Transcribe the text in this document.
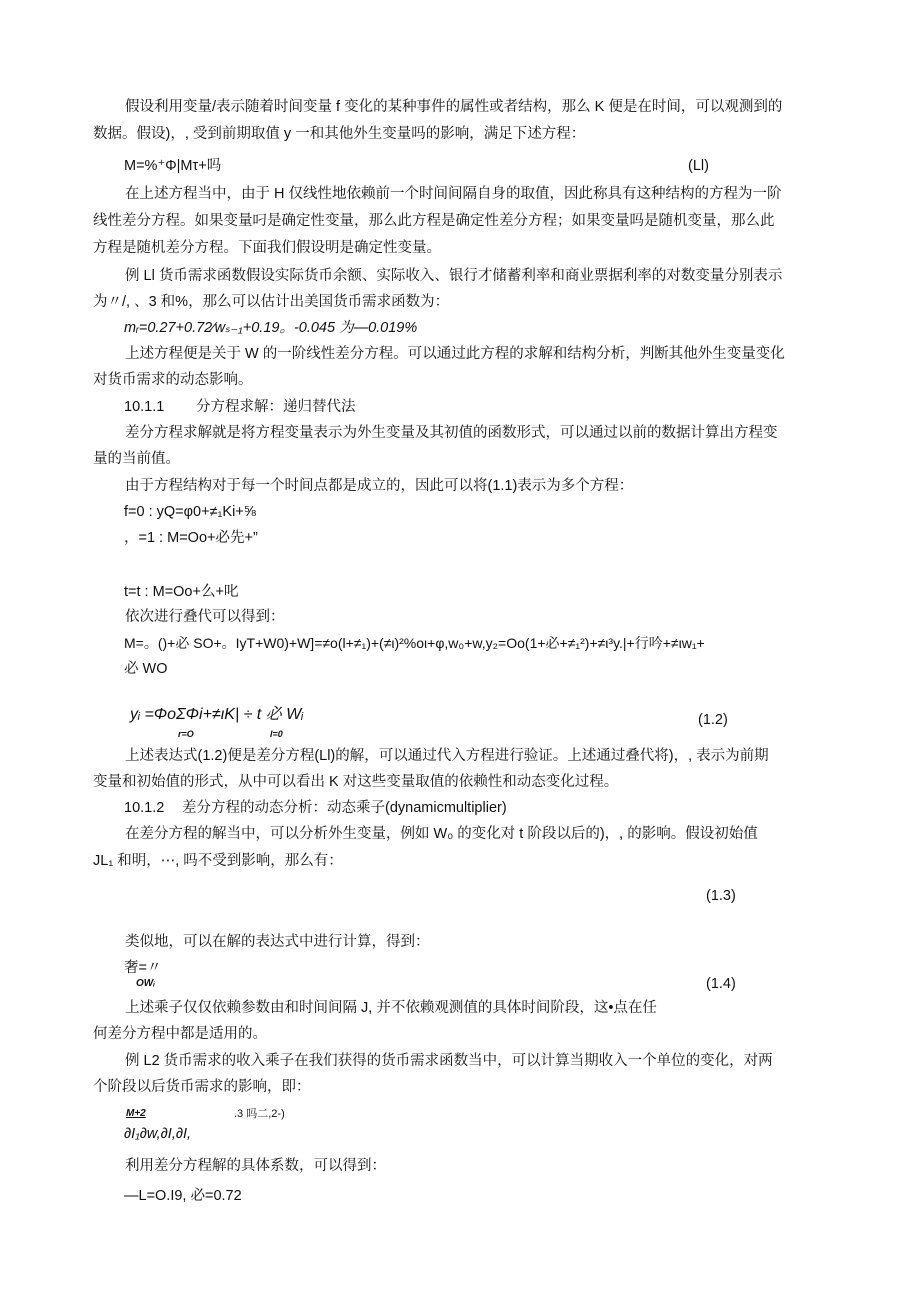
假设利用变量/表示随着时间变量 f 变化的某种事件的属性或者结构，那么 K 便是在时间，可以观测到的
数据。假设)，, 受到前期取值 y 一和其他外生变量吗的影响，满足下述方程：
M=%⁺Φ|Mτ+吗	(Ll)
在上述方程当中，由于 H 仅线性地依赖前一个时间间隔自身的取值，因此称具有这种结构的方程为一阶
线性差分方程。如果变量叼是确定性变量，那么此方程是确定性差分方程；如果变量吗是随机变量，那么此
方程是随机差分方程。下面我们假设明是确定性变量。
例 Ll 货币需求函数假设实际货币余额、实际收入、银行才储蓄利率和商业票据利率的对数变量分别表示
为〃/, 、3 和%，那么可以估计出美国货币需求函数为：
mᵣ=0.27+0.72⁄wₛ₋₁+0.19。-0.045 为—0.019%
上述方程便是关于 W 的一阶线性差分方程。可以通过此方程的求解和结构分析，判断其他外生变量变化
对货币需求的动态影响。
10.1.1 分方程求解：递归替代法
差分方程求解就是将方程变量表示为外生变量及其初值的函数形式，可以通过以前的数据计算出方程变
量的当前值。
由于方程结构对于每一个时间点都是成立的，因此可以将(1.1)表示为多个方程：
f=0 : yQ=φ0+≠₁Ki+⅝
，=1 : M=Oo+必先+”
t=t : M=Oo+么+叱
依次进行叠代可以得到：
M=。()+必 SO+。IyT+W0)+W]=≠o(l+≠₁)+(≠ι)²%οι+φ,w₀+w,y₂=Oo(1+必+≠₁²)+≠ι³y.|+行吟+≠ιw₁+
必 WO
yᵢ =ΦoΣΦi+≠ιK| ÷ t 必 Wᵢ
r=O	l=0
(1.2)
上述表达式(1.2)便是差分方程(Ll)的解，可以通过代入方程进行验证。上述通过叠代将)，, 表示为前期
变量和初始值的形式，从中可以看出 K 对这些变量取值的依赖性和动态变化过程。
10.1.2 差分方程的动态分析：动态乘子(dynamicmultiplier)
在差分方程的解当中，可以分析外生变量，例如 W₀ 的变化对 t 阶段以后的)，, 的影响。假设初始值
JL₁ 和明，⋯, 吗不受到影响，那么有：
(1.3)
类似地，可以在解的表达式中进行计算，得到：
奢=〃
OWᵢ	(1.4)
上述乘子仅仅依赖参数由和时间间隔 J, 并不依赖观测值的具体时间阶段，这•点在任
何差分方程中都是适用的。
例 L2 货币需求的收入乘子在我们获得的货币需求函数当中，可以计算当期收入一个单位的变化，对两
个阶段以后货币需求的影响，即：
M+2	.3 吗二,2-)
∂I₁∂w,∂I,∂I,
利用差分方程解的具体系数，可以得到：
—L=O.I9, 必=0.72
